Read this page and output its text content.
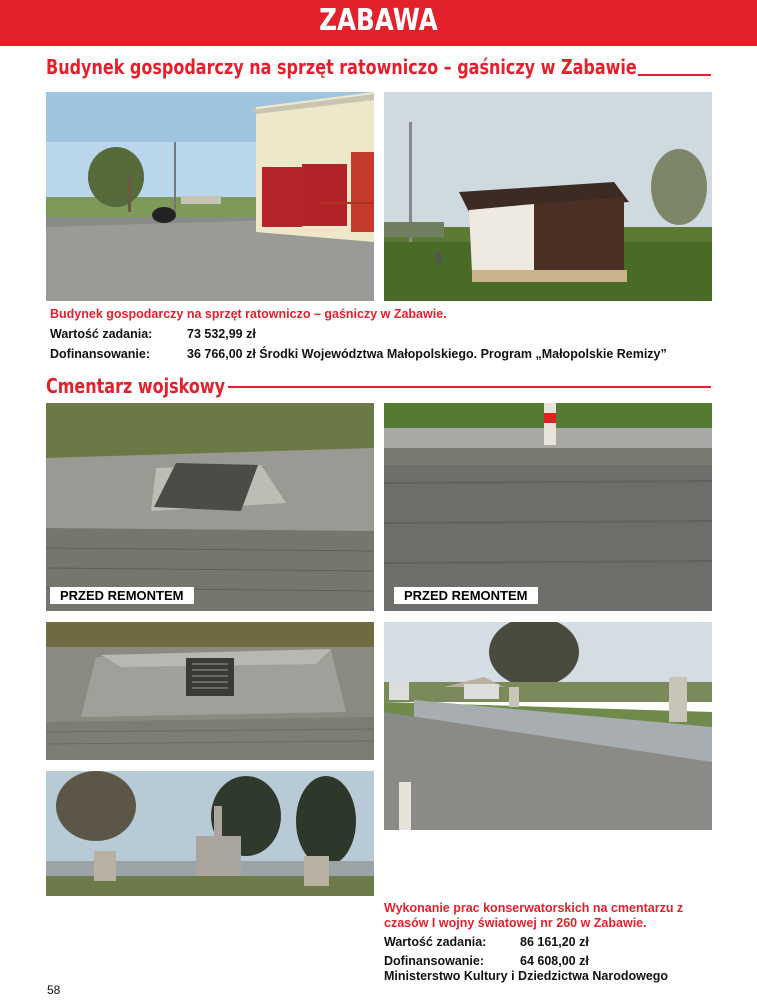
ZABAWA
Budynek gospodarczy na sprzęt ratowniczo – gaśniczy w Zabawie
Budynek gospodarczy na sprzęt ratowniczo – gaśniczy w Zabawie.
Wartość zadania:	73 532,99 zł
Dofinansowanie:	36 766,00 zł Środki Województwa Małopolskiego. Program „Małopolskie Remizy”
Cmentarz wojskowy
PRZED REMONTEM	PRZED REMONTEM
Wykonanie prac konserwatorskich na cmentarzu z
czasów I wojny światowej nr 260 w Zabawie.
Wartość zadania:	86 161,20 zł
Dofinansowanie:	64 608,00 zł
Ministerstwo Kultury i Dziedzictwa Narodowego
58
